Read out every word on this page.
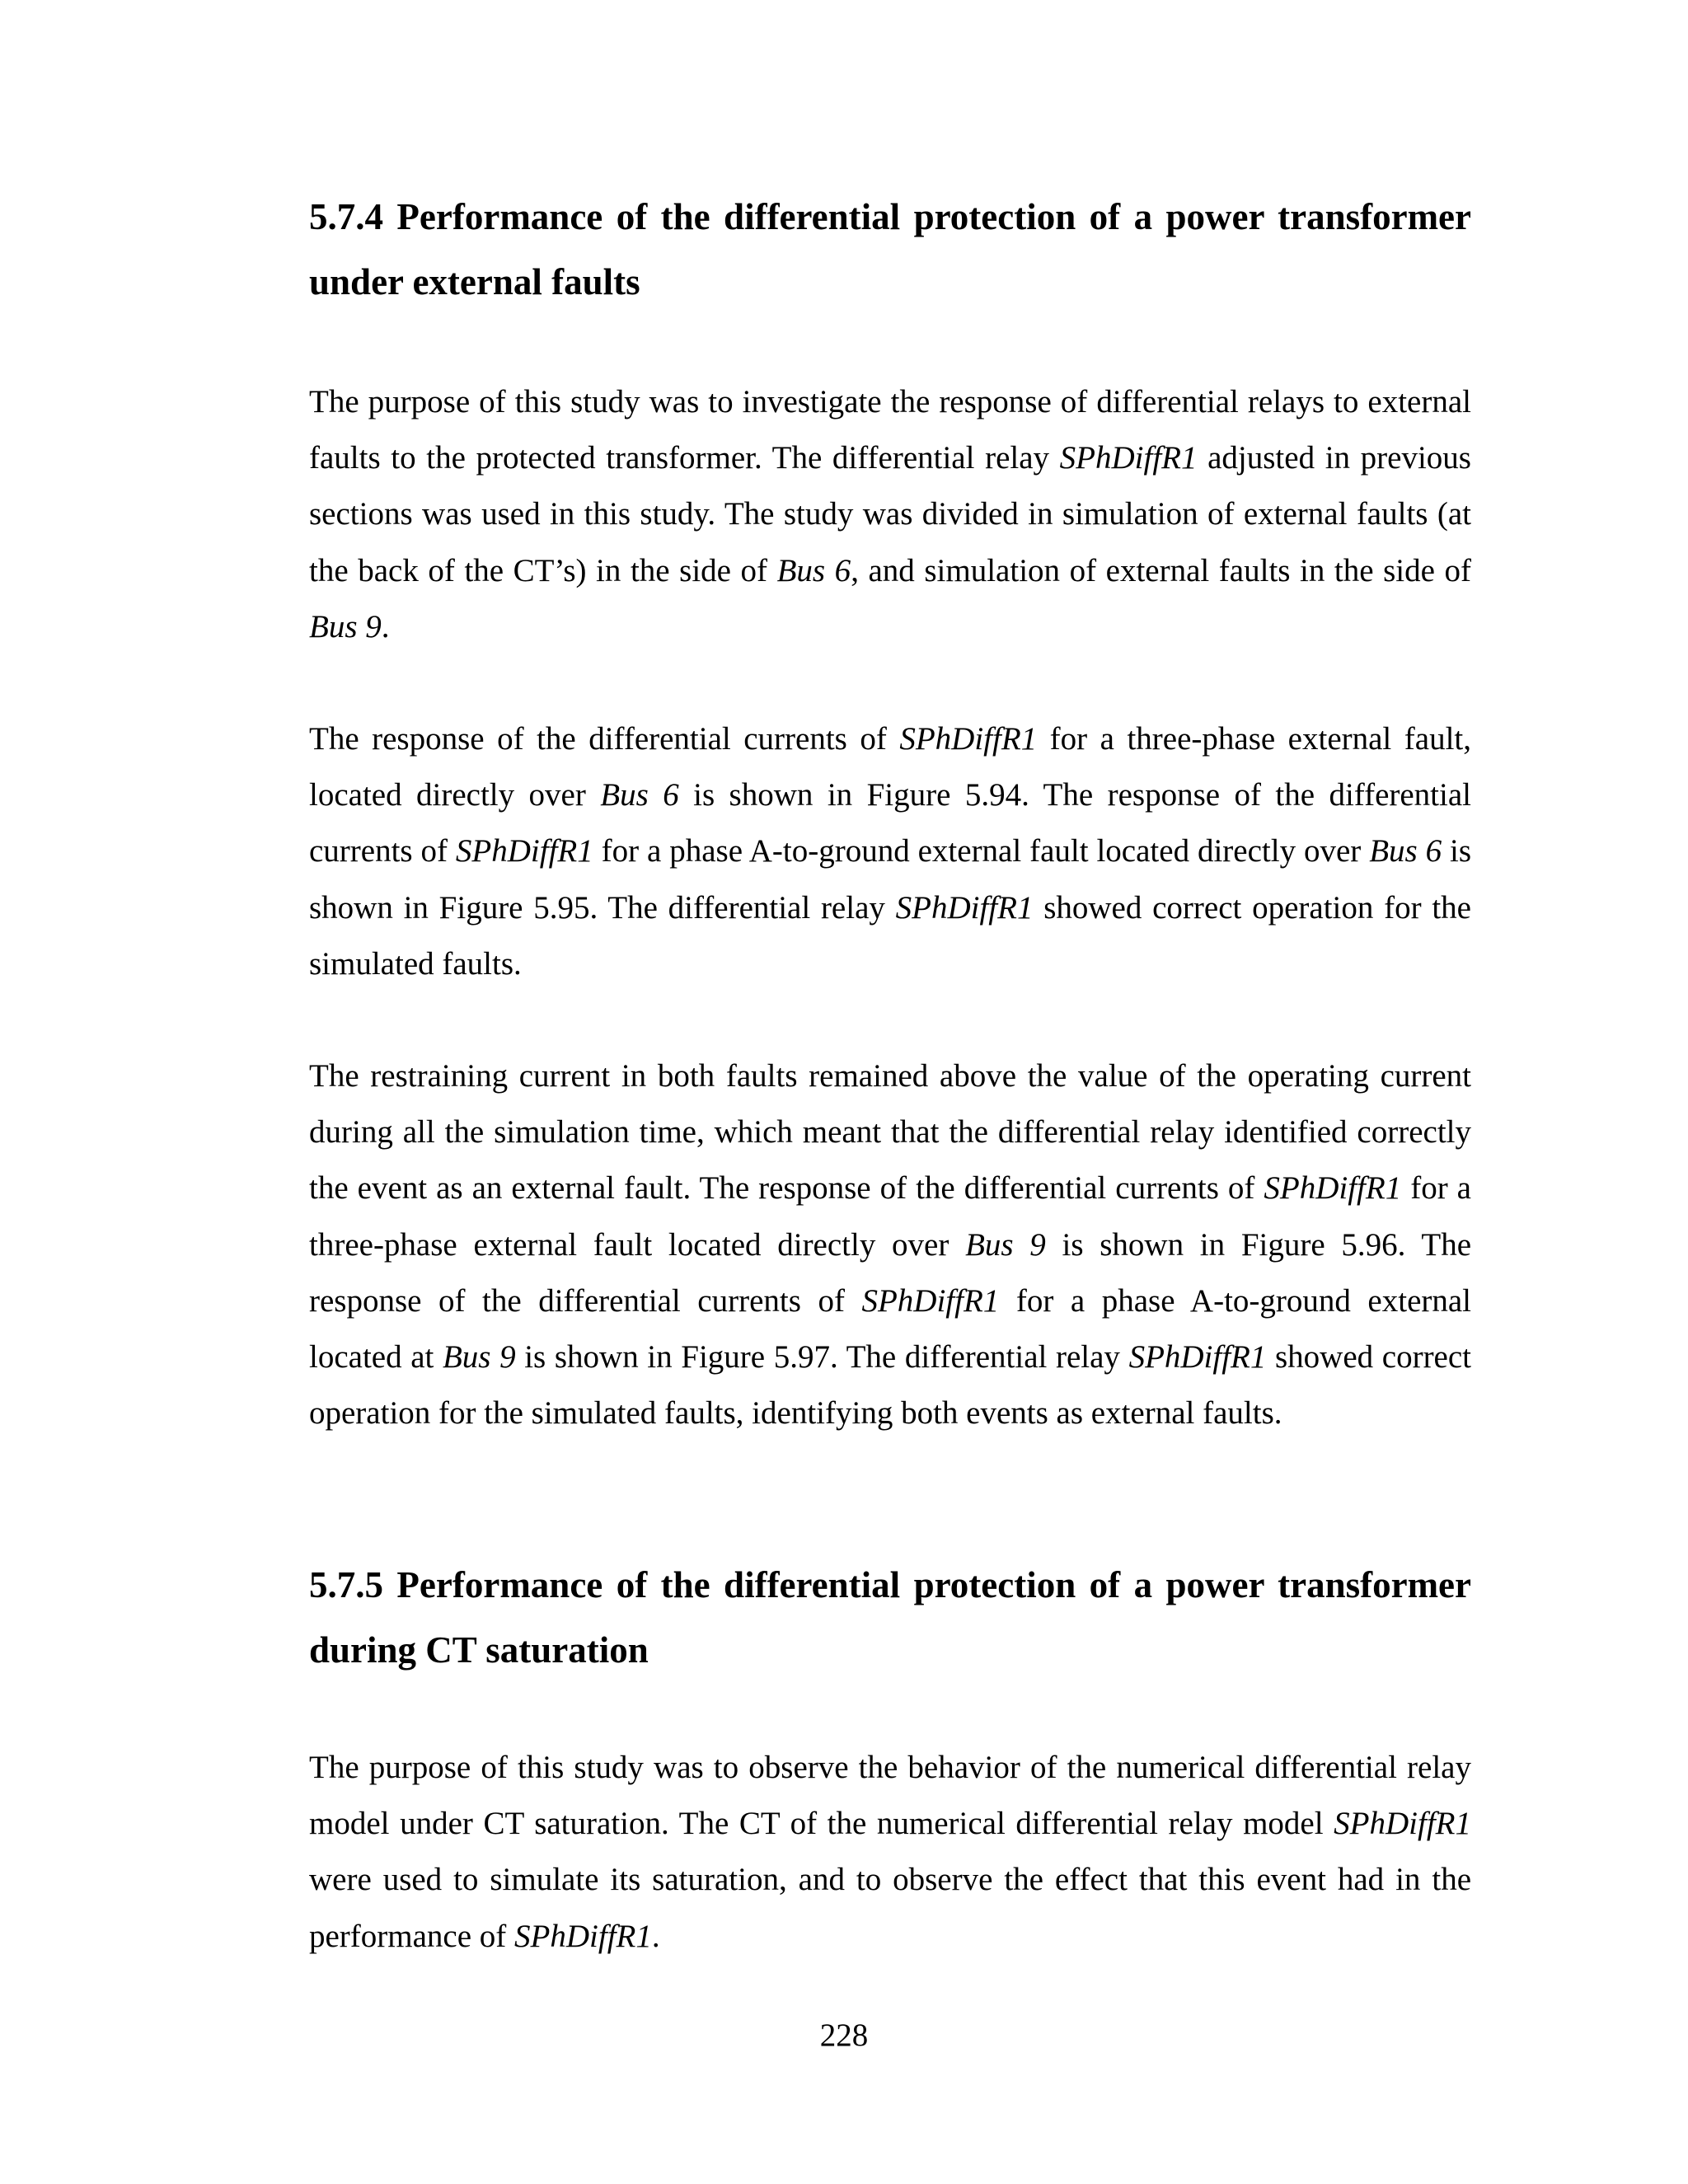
5.7.4 Performance of the differential protection of a power transformer under external faults

The purpose of this study was to investigate the response of differential relays to external faults to the protected transformer. The differential relay SPhDiffR1 adjusted in previous sections was used in this study. The study was divided in simulation of external faults (at the back of the CT’s) in the side of Bus 6, and simulation of external faults in the side of Bus 9.

The response of the differential currents of SPhDiffR1 for a three-phase external fault, located directly over Bus 6 is shown in Figure 5.94. The response of the differential currents of SPhDiffR1 for a phase A-to-ground external fault located directly over Bus 6 is shown in Figure 5.95. The differential relay SPhDiffR1 showed correct operation for the simulated faults.

The restraining current in both faults remained above the value of the operating current during all the simulation time, which meant that the differential relay identified correctly the event as an external fault. The response of the differential currents of SPhDiffR1 for a three-phase external fault located directly over Bus 9 is shown in Figure 5.96. The response of the differential currents of SPhDiffR1 for a phase A-to-ground external located at Bus 9 is shown in Figure 5.97. The differential relay SPhDiffR1 showed correct operation for the simulated faults, identifying both events as external faults.

5.7.5 Performance of the differential protection of a power transformer during CT saturation

The purpose of this study was to observe the behavior of the numerical differential relay model under CT saturation. The CT of the numerical differential relay model SPhDiffR1 were used to simulate its saturation, and to observe the effect that this event had in the performance of SPhDiffR1.

228
